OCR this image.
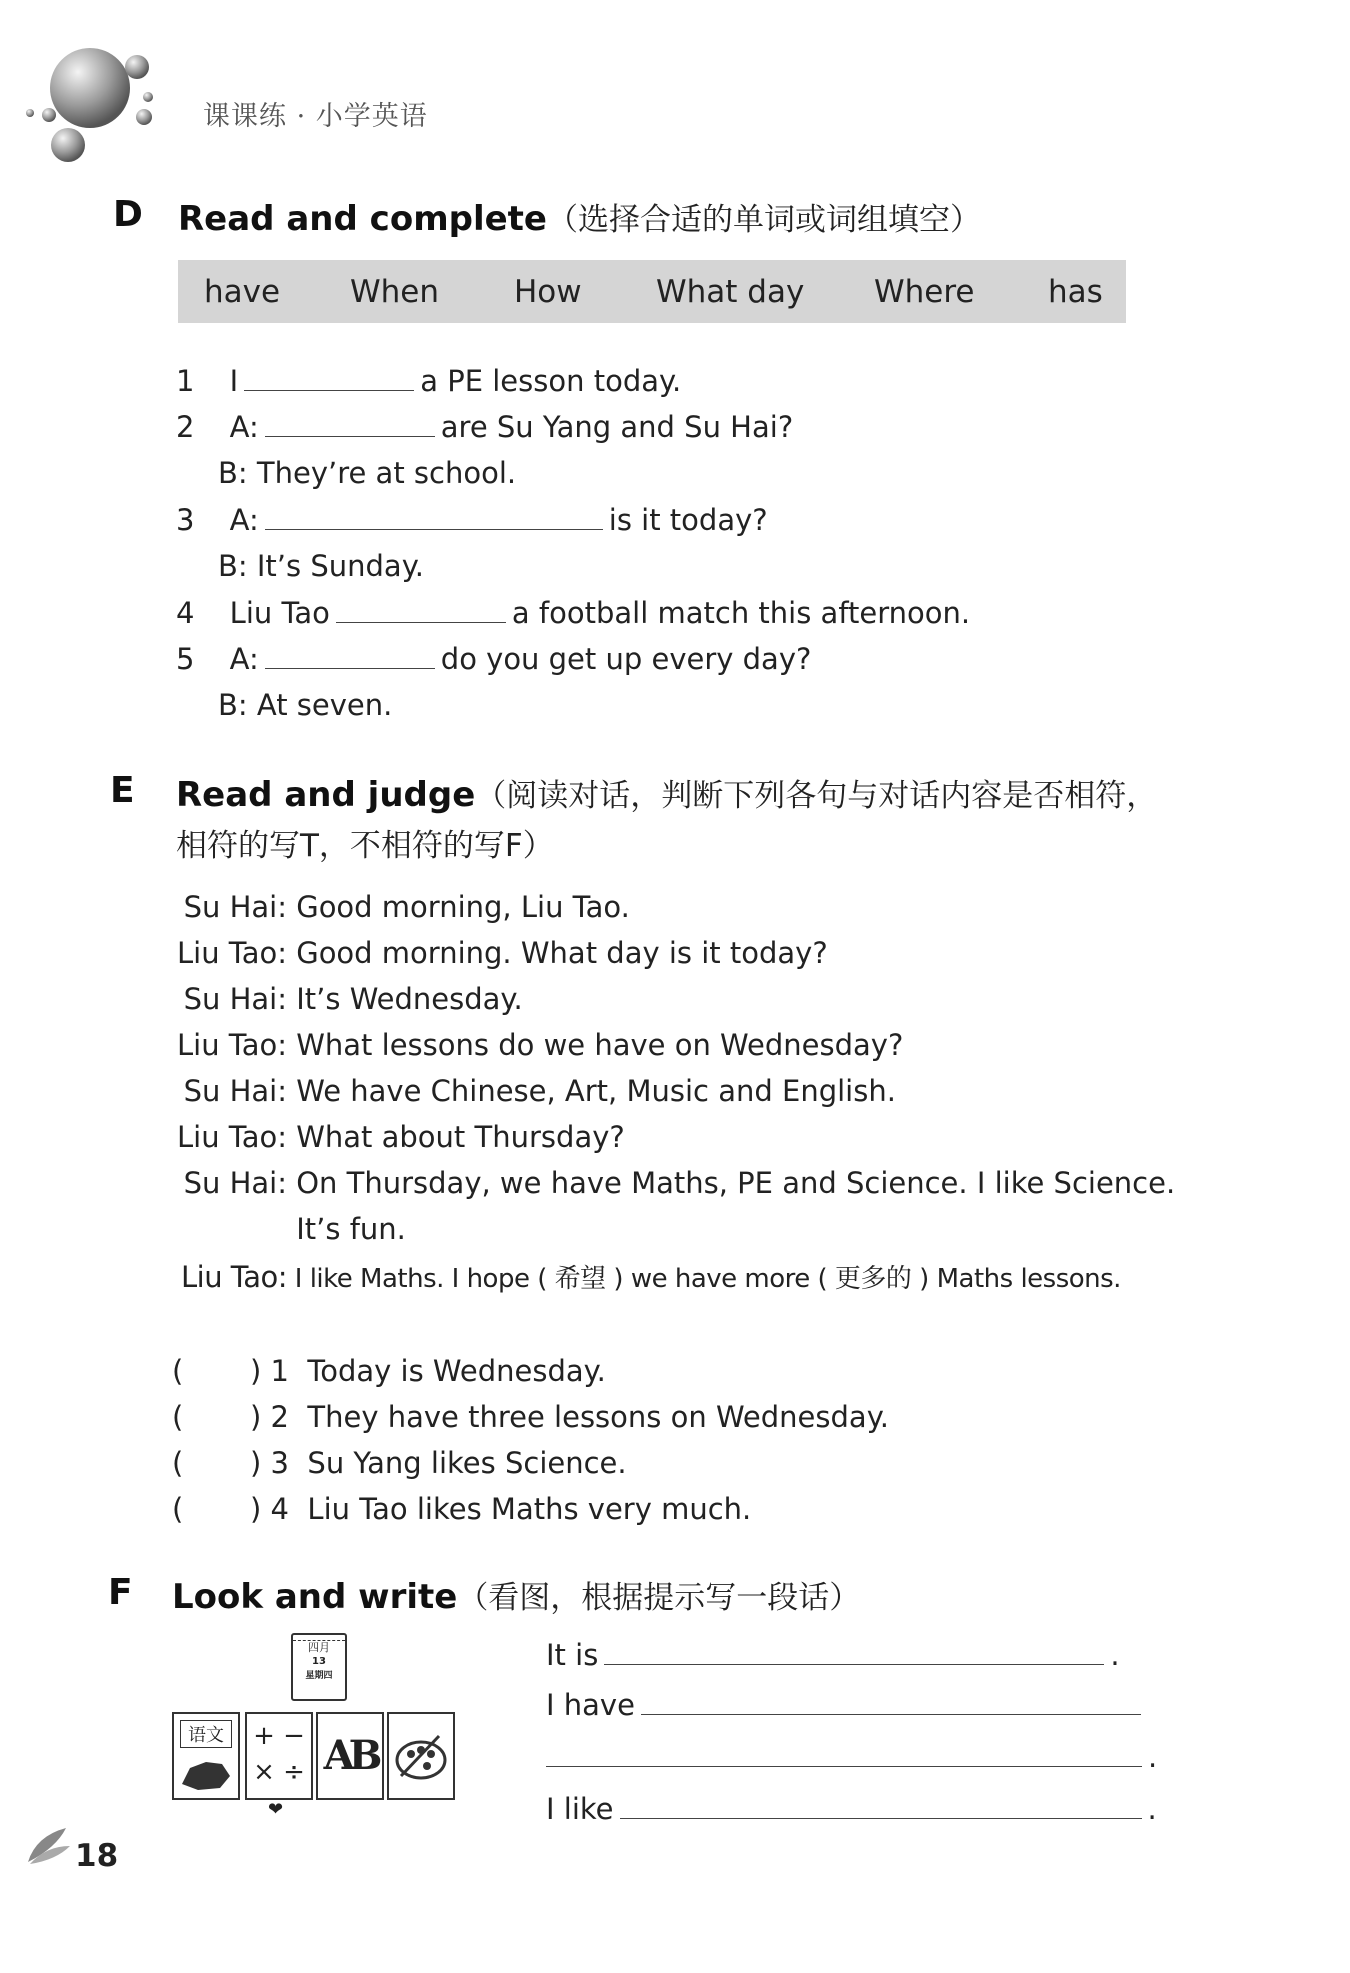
课课练 · 小学英语
D Read and complete（选择合适的单词或词组填空）
have When How What day Where has
1 I	a PE lesson today.
2 A:	are Su Yang and Su Hai?
B: They’re at school.
3 A:	is it today?
B: It’s Sunday.
4 Liu Tao	a football match this afternoon.
5 A:	do you get up every day?
B: At seven.
E Read and judge（阅读对话，判断下列各句与对话内容是否相符，
相符的写T，不相符的写F）
Su Hai: Good morning, Liu Tao.
Liu Tao: Good morning. What day is it today?
Su Hai: It’s Wednesday.
Liu Tao: What lessons do we have on Wednesday?
Su Hai: We have Chinese, Art, Music and English.
Liu Tao: What about Thursday?
Su Hai: On Thursday, we have Maths, PE and Science. I like Science.
It’s fun.
Liu Tao: I like Maths. I hope ( 希望 ) we have more ( 更多的 ) Maths lessons.
( ) 1 Today is Wednesday.
( ) 2 They have three lessons on Wednesday.
( ) 3 Su Yang likes Science.
( ) 4 Liu Tao likes Maths very much.
F Look and write（看图，根据提示写一段话）
四月
13
星期四
语文	+ −
× ÷ AB
❤
It is	.
I have
.
I like	.
18
